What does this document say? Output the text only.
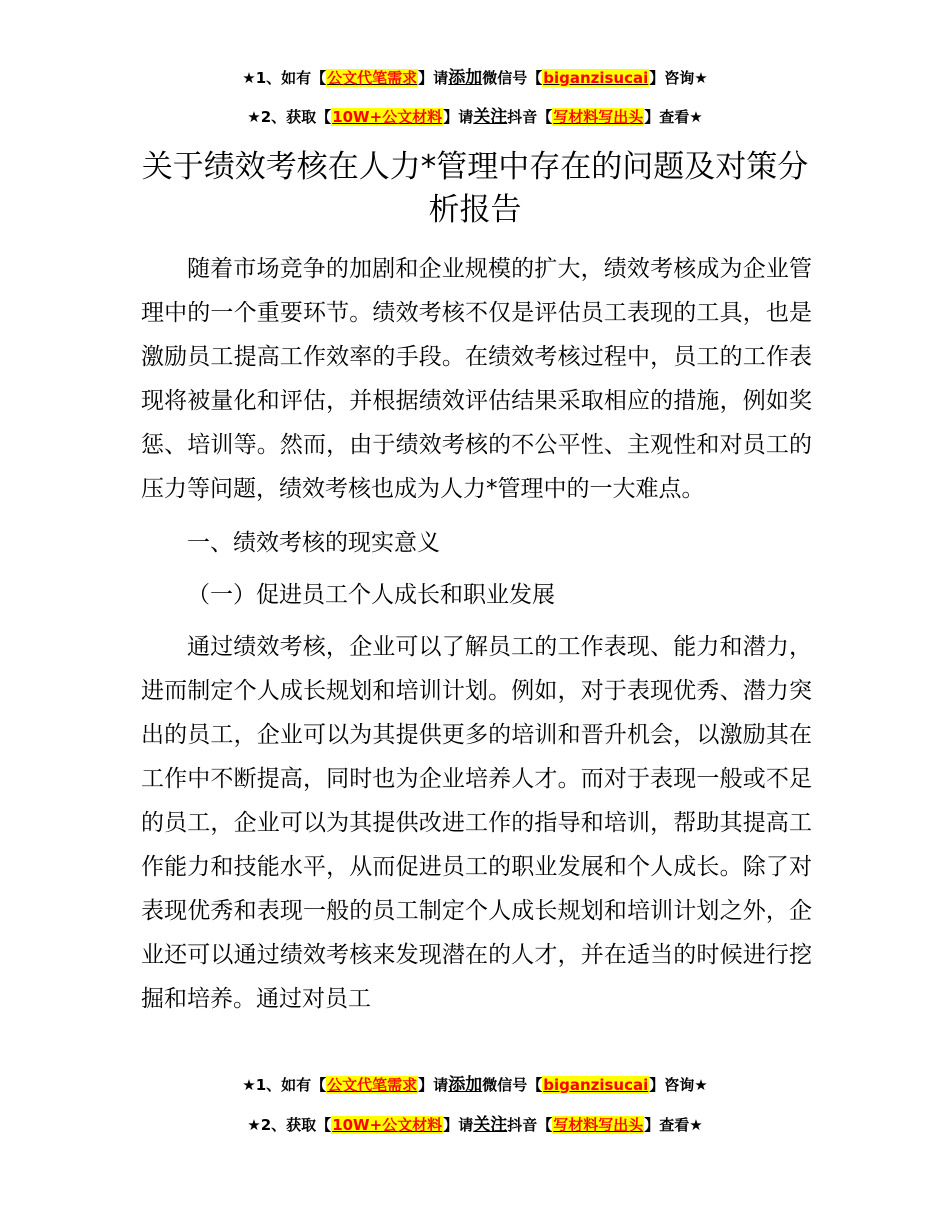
★1、如有【公文代笔需求】请添加微信号【biganzisucai】咨询★
★2、获取【10W+公文材料】请关注抖音【写材料写出头】查看★
关于绩效考核在人力*管理中存在的问题及对策分析报告

随着市场竞争的加剧和企业规模的扩大，绩效考核成为企业管理中的一个重要环节。绩效考核不仅是评估员工表现的工具，也是激励员工提高工作效率的手段。在绩效考核过程中，员工的工作表现将被量化和评估，并根据绩效评估结果采取相应的措施，例如奖惩、培训等。然而，由于绩效考核的不公平性、主观性和对员工的压力等问题，绩效考核也成为人力*管理中的一大难点。

一、绩效考核的现实意义

（一）促进员工个人成长和职业发展

通过绩效考核，企业可以了解员工的工作表现、能力和潜力，进而制定个人成长规划和培训计划。例如，对于表现优秀、潜力突出的员工，企业可以为其提供更多的培训和晋升机会，以激励其在工作中不断提高，同时也为企业培养人才。而对于表现一般或不足的员工，企业可以为其提供改进工作的指导和培训，帮助其提高工作能力和技能水平，从而促进员工的职业发展和个人成长。除了对表现优秀和表现一般的员工制定个人成长规划和培训计划之外，企业还可以通过绩效考核来发现潜在的人才，并在适当的时候进行挖掘和培养。通过对员工

★1、如有【公文代笔需求】请添加微信号【biganzisucai】咨询★
★2、获取【10W+公文材料】请关注抖音【写材料写出头】查看★
